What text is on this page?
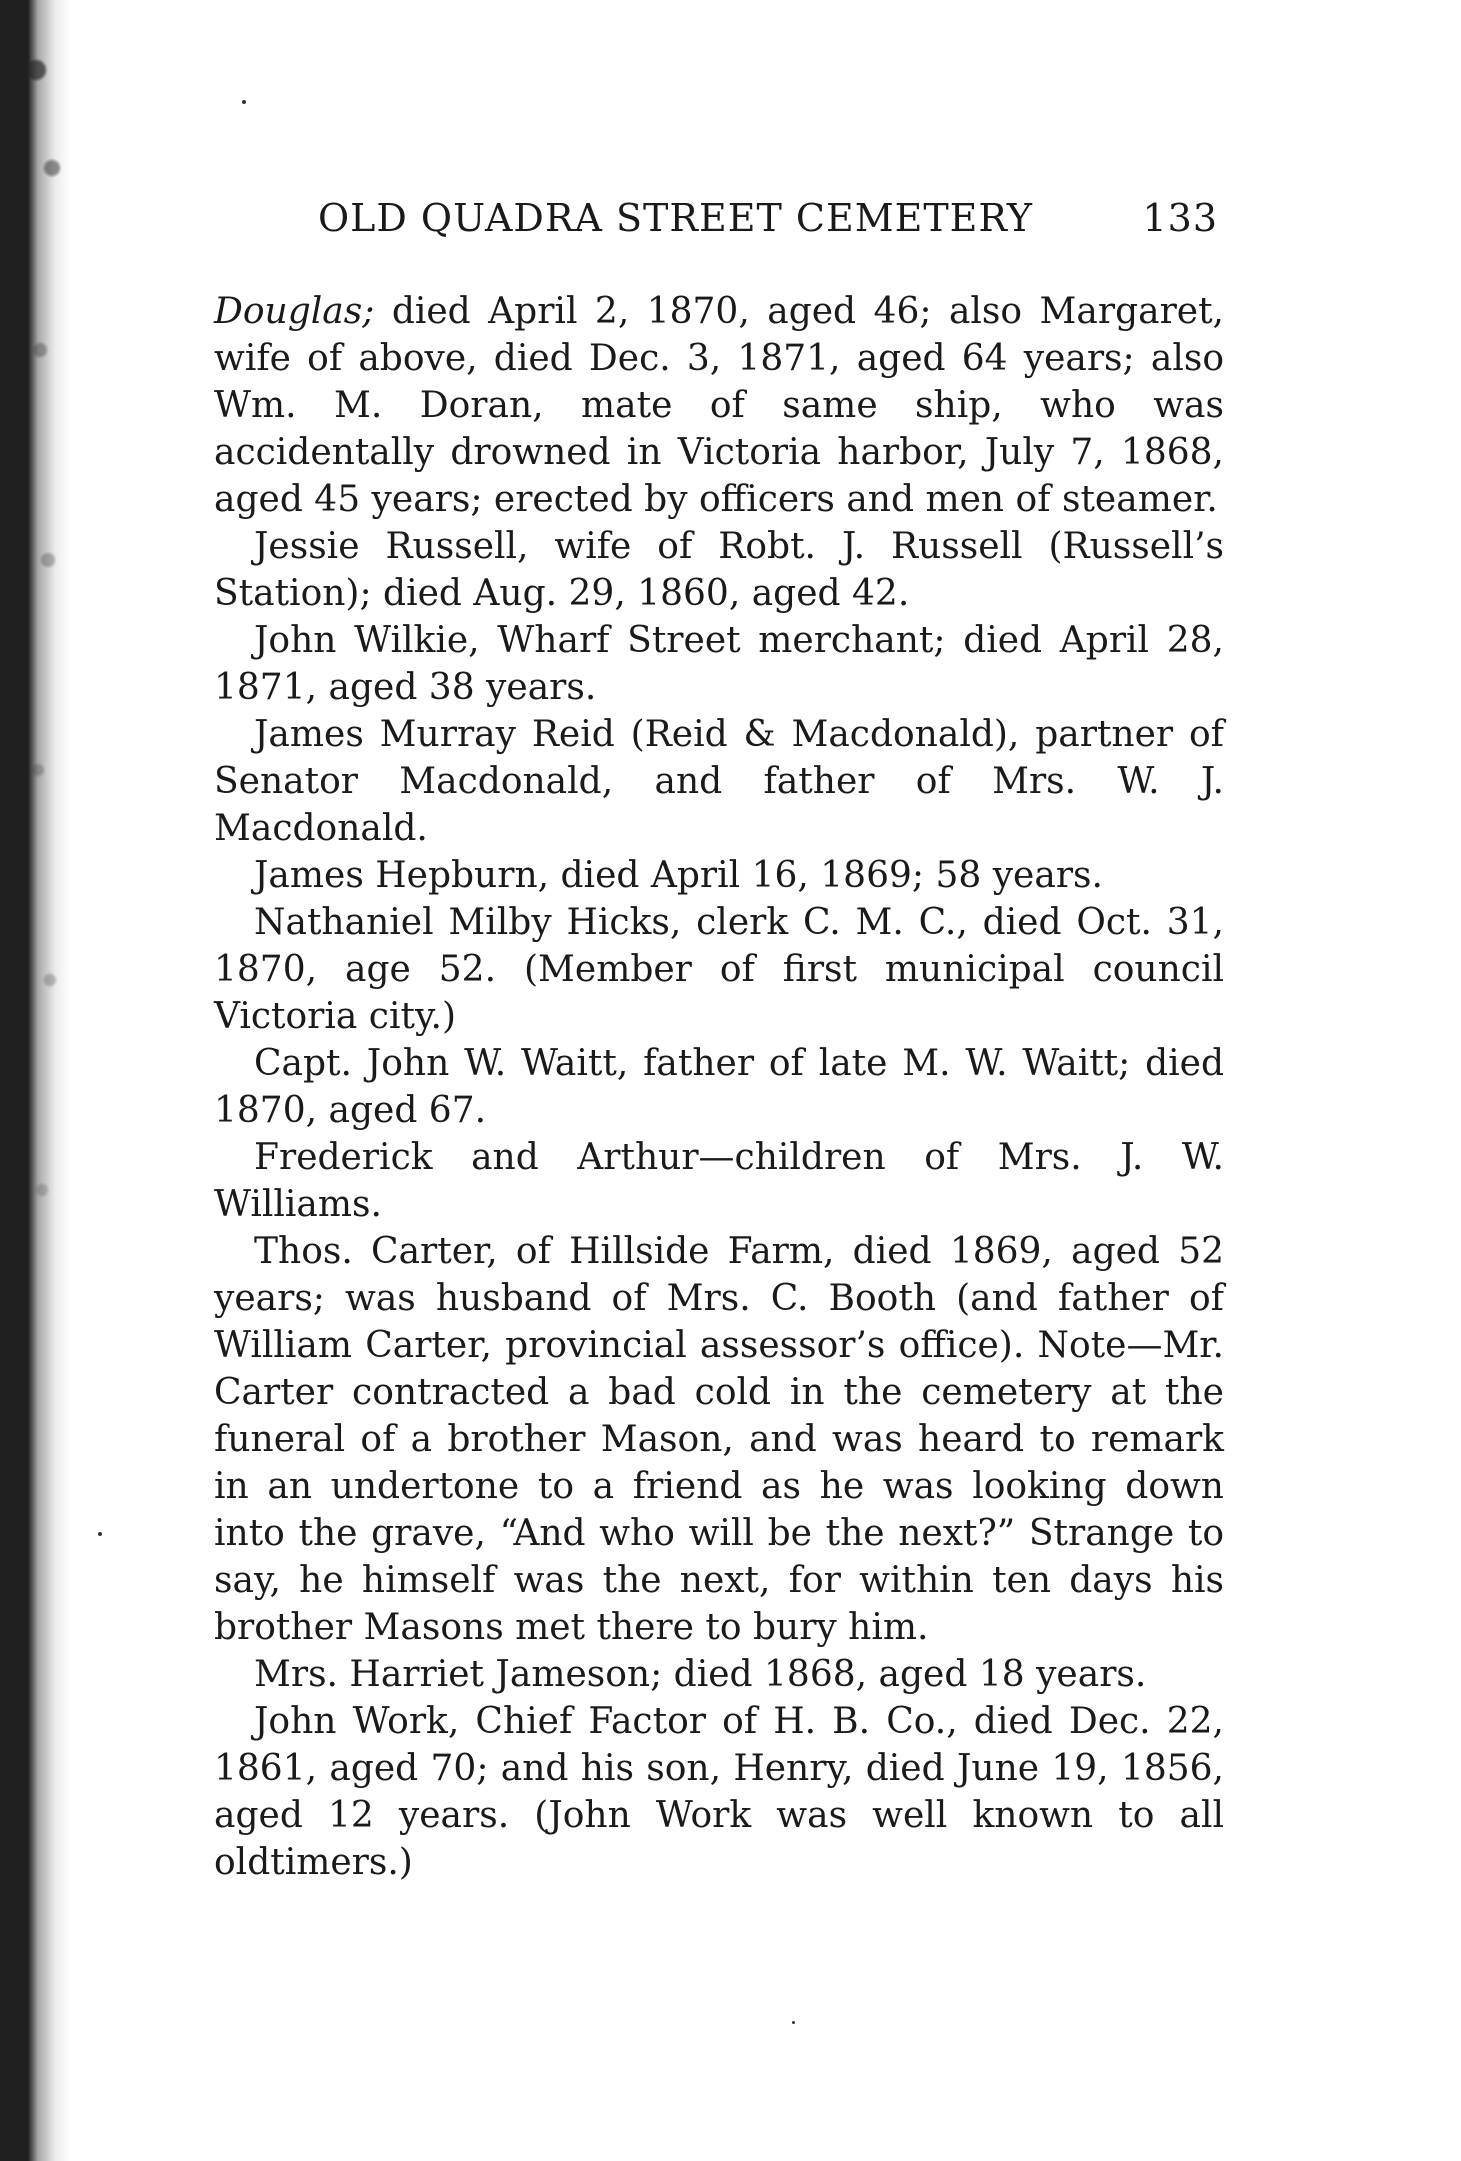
OLD QUADRA STREET CEMETERY	133

Douglas; died April 2, 1870, aged 46; also Margaret, wife of above, died Dec. 3, 1871, aged 64 years; also Wm. M. Doran, mate of same ship, who was accidentally drowned in Victoria harbor, July 7, 1868, aged 45 years; erected by officers and men of steamer.

Jessie Russell, wife of Robt. J. Russell (Russell’s Station); died Aug. 29, 1860, aged 42.

John Wilkie, Wharf Street merchant; died April 28, 1871, aged 38 years.

James Murray Reid (Reid & Macdonald), partner of Senator Macdonald, and father of Mrs. W. J. Macdonald.

James Hepburn, died April 16, 1869; 58 years.

Nathaniel Milby Hicks, clerk C. M. C., died Oct. 31, 1870, age 52. (Member of first municipal council Victoria city.)

Capt. John W. Waitt, father of late M. W. Waitt; died 1870, aged 67.

Frederick and Arthur—children of Mrs. J. W. Williams.

Thos. Carter, of Hillside Farm, died 1869, aged 52 years; was husband of Mrs. C. Booth (and father of William Carter, provincial assessor’s office). Note—Mr. Carter contracted a bad cold in the cemetery at the funeral of a brother Mason, and was heard to remark in an undertone to a friend as he was looking down into the grave, “And who will be the next?” Strange to say, he himself was the next, for within ten days his brother Masons met there to bury him.

Mrs. Harriet Jameson; died 1868, aged 18 years.

John Work, Chief Factor of H. B. Co., died Dec. 22, 1861, aged 70; and his son, Henry, died June 19, 1856, aged 12 years. (John Work was well known to all oldtimers.)
